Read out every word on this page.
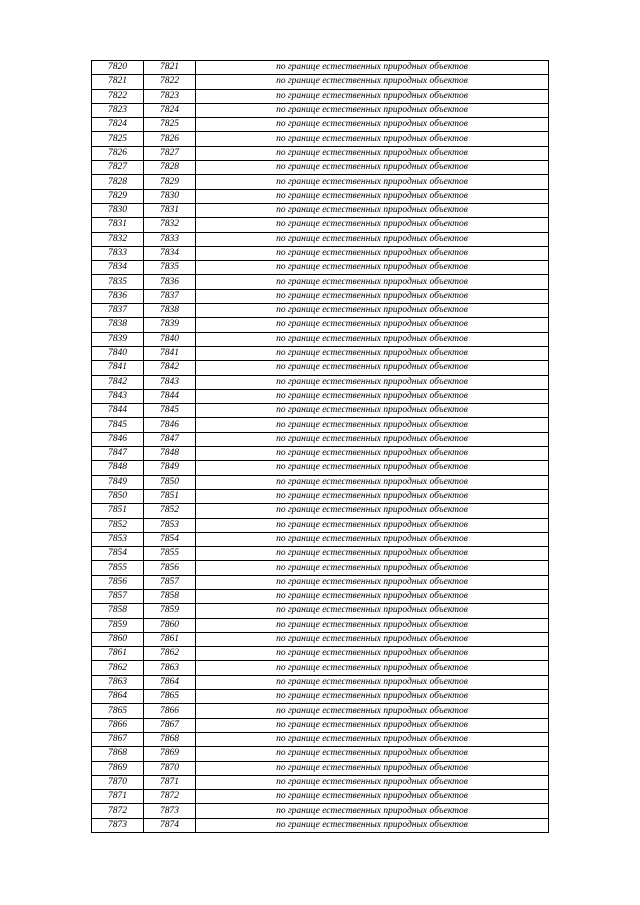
7820	7821	по границе естественных природных объектов
7821	7822	по границе естественных природных объектов
7822	7823	по границе естественных природных объектов
7823	7824	по границе естественных природных объектов
7824	7825	по границе естественных природных объектов
7825	7826	по границе естественных природных объектов
7826	7827	по границе естественных природных объектов
7827	7828	по границе естественных природных объектов
7828	7829	по границе естественных природных объектов
7829	7830	по границе естественных природных объектов
7830	7831	по границе естественных природных объектов
7831	7832	по границе естественных природных объектов
7832	7833	по границе естественных природных объектов
7833	7834	по границе естественных природных объектов
7834	7835	по границе естественных природных объектов
7835	7836	по границе естественных природных объектов
7836	7837	по границе естественных природных объектов
7837	7838	по границе естественных природных объектов
7838	7839	по границе естественных природных объектов
7839	7840	по границе естественных природных объектов
7840	7841	по границе естественных природных объектов
7841	7842	по границе естественных природных объектов
7842	7843	по границе естественных природных объектов
7843	7844	по границе естественных природных объектов
7844	7845	по границе естественных природных объектов
7845	7846	по границе естественных природных объектов
7846	7847	по границе естественных природных объектов
7847	7848	по границе естественных природных объектов
7848	7849	по границе естественных природных объектов
7849	7850	по границе естественных природных объектов
7850	7851	по границе естественных природных объектов
7851	7852	по границе естественных природных объектов
7852	7853	по границе естественных природных объектов
7853	7854	по границе естественных природных объектов
7854	7855	по границе естественных природных объектов
7855	7856	по границе естественных природных объектов
7856	7857	по границе естественных природных объектов
7857	7858	по границе естественных природных объектов
7858	7859	по границе естественных природных объектов
7859	7860	по границе естественных природных объектов
7860	7861	по границе естественных природных объектов
7861	7862	по границе естественных природных объектов
7862	7863	по границе естественных природных объектов
7863	7864	по границе естественных природных объектов
7864	7865	по границе естественных природных объектов
7865	7866	по границе естественных природных объектов
7866	7867	по границе естественных природных объектов
7867	7868	по границе естественных природных объектов
7868	7869	по границе естественных природных объектов
7869	7870	по границе естественных природных объектов
7870	7871	по границе естественных природных объектов
7871	7872	по границе естественных природных объектов
7872	7873	по границе естественных природных объектов
7873	7874	по границе естественных природных объектов
